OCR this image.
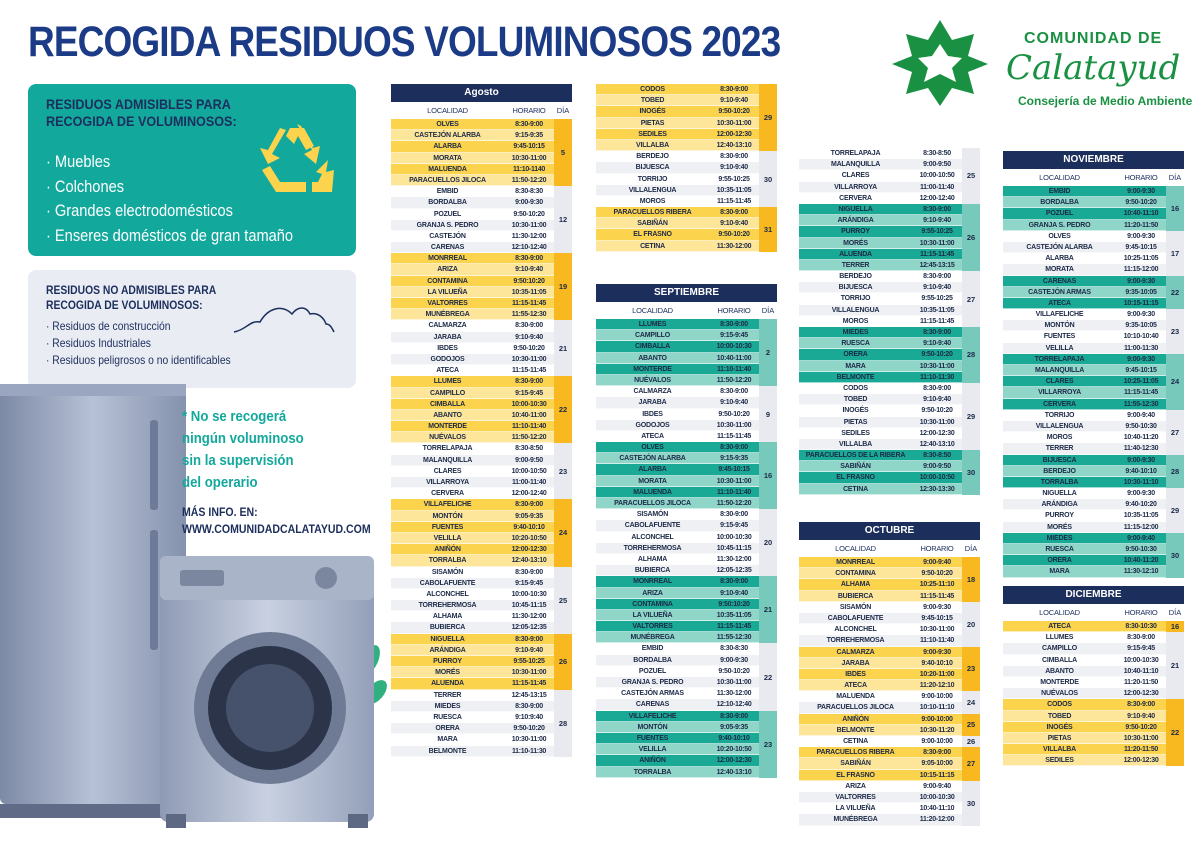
RECOGIDA RESIDUOS VOLUMINOSOS 2023	COMUNIDAD DE
Calatayud
Consejería de Medio Ambiente
RESIDUOS ADMISIBLES PARA
RECOGIDA DE VOLUMINOSOS:
· Muebles
· Colchones
· Grandes electrodomésticos
· Enseres domésticos de gran tamaño
RESIDUOS NO ADMISIBLES PARA
RECOGIDA DE VOLUMINOSOS:
· Residuos de construcción
· Residuos Industriales
· Residuos peligrosos o no identificables
* No se recogerá
ningún voluminoso
sin la supervisión
del operario
MÁS INFO. EN:
WWW.COMUNIDADCALATAYUD.COM
Agosto
LOCALIDAD	HORARIO	DÍA
OLVES	8:30-9:00
CASTEJÓN ALARBA	9:15-9:35
ALARBA	9:45-10:15
MORATA	10:30-11:00
MALUENDA	11:10-1140
PARACUELLOS JILOCA	11:50-12:20
5
EMBID	8:30-8:30
BORDALBA	9:00-9:30
POZUEL	9:50-10:20
GRANJA S. PEDRO	10:30-11:00
CASTEJÓN	11:30-12:00
CARENAS	12:10-12:40
12
MONRREAL	8:30-9:00
ARIZA	9:10-9:40
CONTAMINA	9:50:10:20
LA VILUEÑA	10:35-11:05
VALTORRES	11:15-11:45
MUNÉBREGA	11:55-12:30
19
CALMARZA	8:30-9:00
JARABA	9:10-9:40
IBDES	9:50-10:20
GODOJOS	10:30-11:00
ATECA	11:15-11:45
21
LLUMES	8:30-9:00
CAMPILLO	9:15-9:45
CIMBALLA	10:00-10:30
ABANTO	10:40-11:00
MONTERDE	11:10-11:40
NUÉVALOS	11:50-12:20
22
TORRELAPAJA	8:30-8:50
MALANQUILLA	9:00-9:50
CLARES	10:00-10:50
VILLARROYA	11:00-11:40
CERVERA	12:00-12:40
23
VILLAFELICHE	8:30-9:00
MONTÓN	9:05-9:35
FUENTES	9:40-10:10
VELILLA	10:20-10:50
ANIÑÓN	12:00-12:30
TORRALBA	12:40-13:10
24
SISAMÓN	8:30-9:00
CABOLAFUENTE	9:15-9:45
ALCONCHEL	10:00-10:30
TORREHERMOSA	10:45-11:15
ALHAMA	11:30-12:00
BUBIERCA	12:05-12:35
25
NIGUELLA	8:30-9:00
ARÁNDIGA	9:10-9:40
PURROY	9:55-10:25
MORÉS	10:30-11:00
ALUENDA	11:15-11:45
26
TERRER	12:45-13:15
MIEDES	8:30-9:00
RUESCA	9:10:9:40
ORERA	9:50-10:20
MARA	10:30-11:00
BELMONTE	11:10-11:30
28
CODOS	8:30-9:00
TOBED	9:10-9:40
INOGÉS	9:50-10:20
PIETAS	10:30-11:00
SEDILES	12:00-12:30
VILLALBA	12:40-13:10
29
BERDEJO	8:30-9:00
BIJUESCA	9:10-9:40
TORRIJO	9:55-10:25
VILLALENGUA	10:35-11:05
MOROS	11:15-11:45
30
PARACUELLOS RIBERA	8:30-9:00
SABIÑÁN	9:10-9:40
EL FRASNO	9:50-10:20
CETINA	11:30-12:00
31
SEPTIEMBRE
LOCALIDAD	HORARIO	DÍA
LLUMES	8:30-9:00
CAMPILLO	9:15-9:45
CIMBALLA	10:00-10:30
ABANTO	10:40-11:00
MONTERDE	11:10-11:40
NUÉVALOS	11:50-12:20
2
CALMARZA	8:30-9:00
JARABA	9:10-9:40
IBDES	9:50-10:20
GODOJOS	10:30-11:00
ATECA	11:15-11:45
9
OLVES	8:30-9:00
CASTEJÓN ALARBA	9:15-9:35
ALARBA	9:45-10:15
MORATA	10:30-11:00
MALUENDA	11:10-11:40
PARACUELLOS JILOCA	11:50-12:20
16
SISAMÓN	8:30-9:00
CABOLAFUENTE	9:15-9:45
ALCONCHEL	10:00-10:30
TORREHERMOSA	10:45-11:15
ALHAMA	11:30-12:00
BUBIERCA	12:05-12:35
20
MONRREAL	8:30-9:00
ARIZA	9:10-9:40
CONTAMINA	9:50:10:20
LA VILUEÑA	10:35-11:05
VALTORRES	11:15-11:45
MUNÉBREGA	11:55-12:30
21
EMBID	8:30-8:30
BORDALBA	9:00-9:30
POZUEL	9:50-10:20
GRANJA S. PEDRO	10:30-11:00
CASTEJÓN ARMAS	11:30-12:00
CARENAS	12:10-12:40
22
VILLAFELICHE	8:30-9:00
MONTÓN	9:05-9:35
FUENTES	9:40-10:10
VELILLA	10:20-10:50
ANIÑÓN	12:00-12:30
TORRALBA	12:40-13:10
23
TORRELAPAJA	8:30-8:50
MALANQUILLA	9:00-9:50
CLARES	10:00-10:50
VILLARROYA	11:00-11:40
CERVERA	12:00-12:40
25
NIGUELLA	8:30-9:00
ARÁNDIGA	9:10-9:40
PURROY	9:55-10:25
MORÉS	10:30-11:00
ALUENDA	11:15-11:45
TERRER	12:45-13:15
26
BERDEJO	8:30-9:00
BIJUESCA	9:10-9:40
TORRIJO	9:55-10:25
VILLALENGUA	10:35-11:05
MOROS	11:15-11:45
27
MIEDES	8:30-9:00
RUESCA	9:10-9:40
ORERA	9:50-10:20
MARA	10:30-11:00
BELMONTE	11:10-11:30
28
CODOS	8:30-9:00
TOBED	9:10-9:40
INOGÉS	9:50-10:20
PIETAS	10:30-11:00
SEDILES	12:00-12:30
VILLALBA	12:40-13:10
29
PARACUELLOS DE LA RIBERA	8:30-8:50
SABIÑÁN	9:00-9:50
EL FRASNO	10:00-10:50
CETINA	12:30-13:30
30
OCTUBRE
LOCALIDAD	HORARIO	DÍA
MONRREAL	9:00-9:40
CONTAMINA	9:50-10:20
ALHAMA	10:25-11:10
BUBIERCA	11:15-11:45
18
SISAMÓN	9:00-9:30
CABOLAFUENTE	9:45-10:15
ALCONCHEL	10:30-11:00
TORREHERMOSA	11:10-11:40
20
CALMARZA	9:00-9:30
JARABA	9:40-10:10
IBDES	10:20-11:00
ATECA	11:20-12:10
23
MALUENDA	9:00-10:00
PARACUELLOS JILOCA	10:10-11:10
24
ANIÑÓN	9:00-10:00
BELMONTE	10:30-11:20
25
CETINA	9:00-10:00	26
PARACUELLOS RIBERA	8:30-9:00
SABIÑÁN	9:05-10:00
EL FRASNO	10:15-11:15
27
ARIZA	9:00-9:40
VALTORRES	10:00-10:30
LA VILUEÑA	10:40-11:10
MUNÉBREGA	11:20-12:00
30
NOVIEMBRE
LOCALIDAD	HORARIO	DÍA
EMBID	9:00-9:30
BORDALBA	9:50-10:20
POZUEL	10:40-11:10
GRANJA S. PEDRO	11:20-11:50
16
OLVES	9:00-9:30
CASTEJÓN ALARBA	9:45-10:15
ALARBA	10:25-11:05
MORATA	11:15-12:00
17
CARENAS	9:00-9:30
CASTEJÓN ARMAS	9:35-10:05
ATECA	10:15-11:15
22
VILLAFELICHE	9:00-9:30
MONTÓN	9:35-10:05
FUENTES	10:10-10:40
VELILLA	11:00-11:30
23
TORRELAPAJA	9:00-9:30
MALANQUILLA	9:45-10:15
CLARES	10:25-11:05
VILLARROYA	11:15-11:45
CERVERA	11:55-12:30
24
TORRIJO	9:00-9:40
VILLALENGUA	9:50-10:30
MOROS	10:40-11:20
TERRER	11:40-12:30
27
BIJUESCA	9:00-9:30
BERDEJO	9:40-10:10
TORRALBA	10:30-11:10
28
NIGUELLA	9:00-9:30
ARÁNDIGA	9:40-10:20
PURROY	10:35-11:05
MORÉS	11:15-12:00
29
MIEDES	9:00-9:40
RUESCA	9:50-10:30
ORERA	10:40-11:20
MARA	11:30-12:10
30
DICIEMBRE
LOCALIDAD	HORARIO	DÍA
ATECA	8:30-10:30	16
LLUMES	8:30-9:00
CAMPILLO	9:15-9:45
CIMBALLA	10:00-10:30
ABANTO	10:40-11:10
MONTERDE	11:20-11:50
NUÉVALOS	12:00-12:30
21
CODOS	8:30-9:00
TOBED	9:10-9:40
INOGÉS	9:50-10:20
PIETAS	10:30-11:00
VILLALBA	11:20-11:50
SEDILES	12:00-12:30
22
